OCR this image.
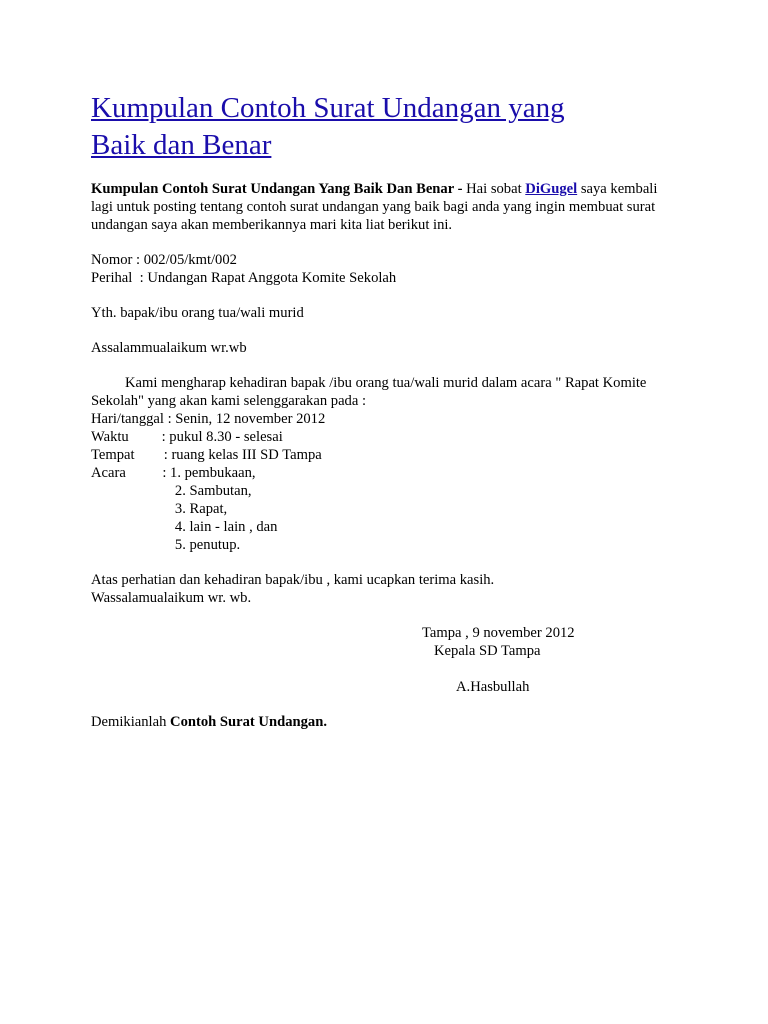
Kumpulan Contoh Surat Undangan yang
Baik dan Benar
Kumpulan Contoh Surat Undangan Yang Baik Dan Benar - Hai sobat DiGugel saya kembali
lagi untuk posting tentang contoh surat undangan yang baik bagi anda yang ingin membuat surat
undangan saya akan memberikannya mari kita liat berikut ini.
Nomor : 002/05/kmt/002
Perihal  : Undangan Rapat Anggota Komite Sekolah
Yth. bapak/ibu orang tua/wali murid
Assalammualaikum wr.wb
Kami mengharap kehadiran bapak /ibu orang tua/wali murid dalam acara " Rapat Komite
Sekolah" yang akan kami selenggarakan pada :
Hari/tanggal : Senin, 12 november 2012
Waktu         : pukul 8.30 - selesai
Tempat        : ruang kelas III SD Tampa
Acara          : 1. pembukaan,
2. Sambutan,
3. Rapat,
4. lain - lain , dan
5. penutup.
Atas perhatian dan kehadiran bapak/ibu , kami ucapkan terima kasih.
Wassalamualaikum wr. wb.
Tampa , 9 november 2012
Kepala SD Tampa
A.Hasbullah
Demikianlah Contoh Surat Undangan.
